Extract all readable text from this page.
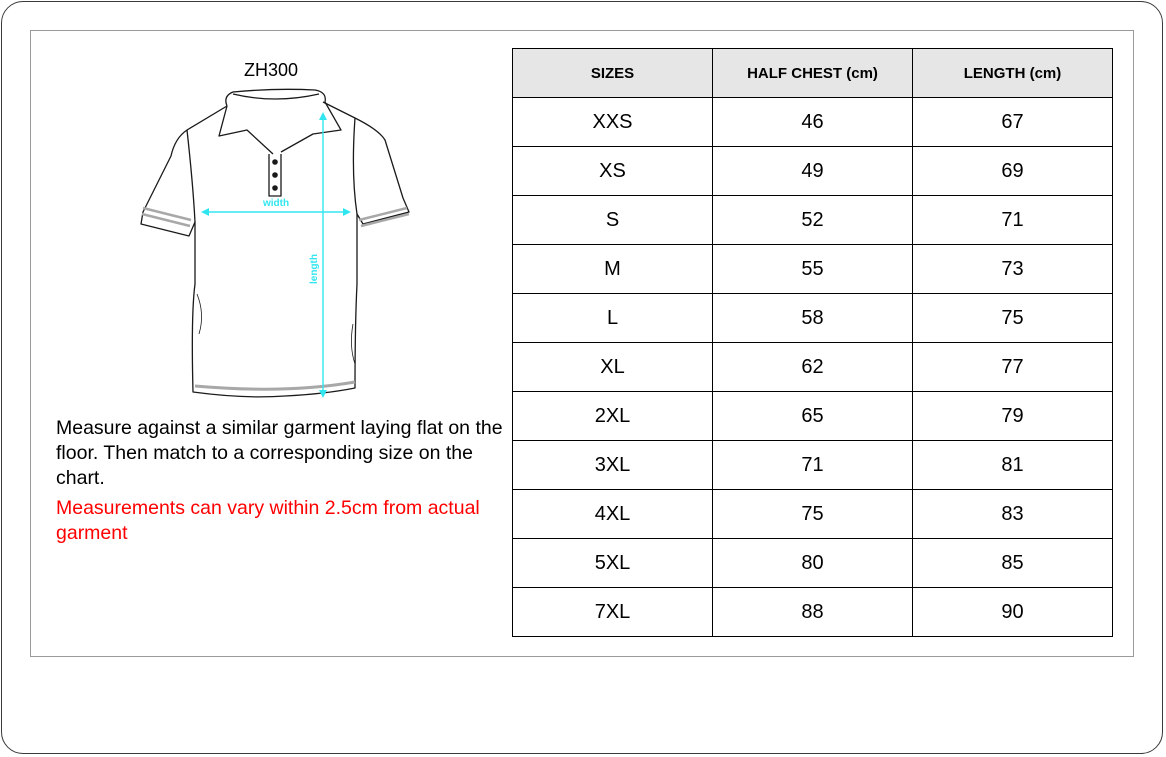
ZH300
width
length
Measure against a similar garment laying flat on the floor. Then match to a corresponding size on the chart.
Measurements can vary within 2.5cm from actual garment
SIZES	HALF CHEST (cm)	LENGTH (cm)
XXS	46	67
XS	49	69
S	52	71
M	55	73
L	58	75
XL	62	77
2XL	65	79
3XL	71	81
4XL	75	83
5XL	80	85
7XL	88	90
